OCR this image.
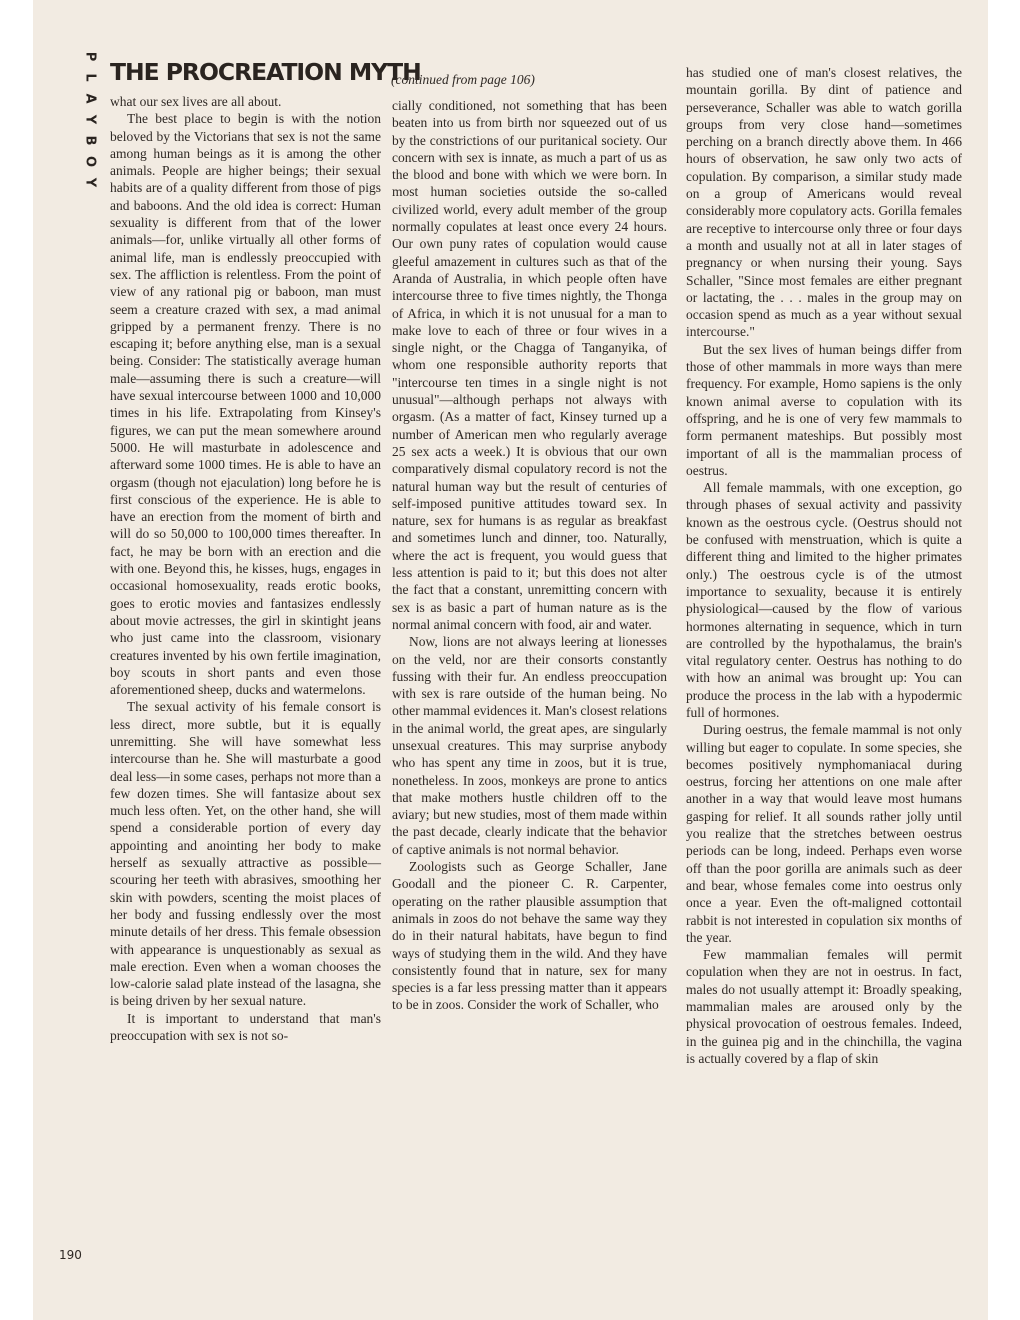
P
L
A
Y
B
O
Y
THE PROCREATION MYTH
(continued from page 106)

what our sex lives are all about.

The best place to begin is with the notion beloved by the Victorians that sex is not the same among human beings as it is among the other animals. People are higher beings; their sexual habits are of a quality different from those of pigs and baboons. And the old idea is correct: Human sexuality is different from that of the lower animals—for, unlike virtually all other forms of animal life, man is endlessly preoccupied with sex. The affliction is relentless. From the point of view of any rational pig or baboon, man must seem a creature crazed with sex, a mad animal gripped by a permanent frenzy. There is no escaping it; before anything else, man is a sexual being. Consider: The statistically average human male—assuming there is such a creature—will have sexual intercourse between 1000 and 10,000 times in his life. Extrapolating from Kinsey's figures, we can put the mean somewhere around 5000. He will masturbate in adolescence and afterward some 1000 times. He is able to have an orgasm (though not ejaculation) long before he is first conscious of the experience. He is able to have an erection from the moment of birth and will do so 50,000 to 100,000 times thereafter. In fact, he may be born with an erection and die with one. Beyond this, he kisses, hugs, engages in occasional homosexuality, reads erotic books, goes to erotic movies and fantasizes endlessly about movie actresses, the girl in skintight jeans who just came into the classroom, visionary creatures invented by his own fertile imagination, boy scouts in short pants and even those aforementioned sheep, ducks and watermelons.

The sexual activity of his female consort is less direct, more subtle, but it is equally unremitting. She will have somewhat less intercourse than he. She will masturbate a good deal less—in some cases, perhaps not more than a few dozen times. She will fantasize about sex much less often. Yet, on the other hand, she will spend a considerable portion of every day appointing and anointing her body to make herself as sexually attractive as possible—scouring her teeth with abrasives, smoothing her skin with powders, scenting the moist places of her body and fussing endlessly over the most minute details of her dress. This female obsession with appearance is unquestionably as sexual as male erection. Even when a woman chooses the low-calorie salad plate instead of the lasagna, she is being driven by her sexual nature.

It is important to understand that man's preoccupation with sex is not so-

cially conditioned, not something that has been beaten into us from birth nor squeezed out of us by the constrictions of our puritanical society. Our concern with sex is innate, as much a part of us as the blood and bone with which we were born. In most human societies outside the so-called civilized world, every adult member of the group normally copulates at least once every 24 hours. Our own puny rates of copulation would cause gleeful amazement in cultures such as that of the Aranda of Australia, in which people often have intercourse three to five times nightly, the Thonga of Africa, in which it is not unusual for a man to make love to each of three or four wives in a single night, or the Chagga of Tanganyika, of whom one responsible authority reports that "intercourse ten times in a single night is not unusual"—although perhaps not always with orgasm. (As a matter of fact, Kinsey turned up a number of American men who regularly average 25 sex acts a week.) It is obvious that our own comparatively dismal copulatory record is not the natural human way but the result of centuries of self-imposed punitive attitudes toward sex. In nature, sex for humans is as regular as breakfast and sometimes lunch and dinner, too. Naturally, where the act is frequent, you would guess that less attention is paid to it; but this does not alter the fact that a constant, unremitting concern with sex is as basic a part of human nature as is the normal animal concern with food, air and water.

Now, lions are not always leering at lionesses on the veld, nor are their consorts constantly fussing with their fur. An endless preoccupation with sex is rare outside of the human being. No other mammal evidences it. Man's closest relations in the animal world, the great apes, are singularly unsexual creatures. This may surprise anybody who has spent any time in zoos, but it is true, nonetheless. In zoos, monkeys are prone to antics that make mothers hustle children off to the aviary; but new studies, most of them made within the past decade, clearly indicate that the behavior of captive animals is not normal behavior.

Zoologists such as George Schaller, Jane Goodall and the pioneer C. R. Carpenter, operating on the rather plausible assumption that animals in zoos do not behave the same way they do in their natural habitats, have begun to find ways of studying them in the wild. And they have consistently found that in nature, sex for many species is a far less pressing matter than it appears to be in zoos. Consider the work of Schaller, who

has studied one of man's closest relatives, the mountain gorilla. By dint of patience and perseverance, Schaller was able to watch gorilla groups from very close hand—sometimes perching on a branch directly above them. In 466 hours of observation, he saw only two acts of copulation. By comparison, a similar study made on a group of Americans would reveal considerably more copulatory acts. Gorilla females are receptive to intercourse only three or four days a month and usually not at all in later stages of pregnancy or when nursing their young. Says Schaller, "Since most females are either pregnant or lactating, the . . . males in the group may on occasion spend as much as a year without sexual intercourse."

But the sex lives of human beings differ from those of other mammals in more ways than mere frequency. For example, Homo sapiens is the only known animal averse to copulation with its offspring, and he is one of very few mammals to form permanent mateships. But possibly most important of all is the mammalian process of oestrus.

All female mammals, with one exception, go through phases of sexual activity and passivity known as the oestrous cycle. (Oestrus should not be confused with menstruation, which is quite a different thing and limited to the higher primates only.) The oestrous cycle is of the utmost importance to sexuality, because it is entirely physiological—caused by the flow of various hormones alternating in sequence, which in turn are controlled by the hypothalamus, the brain's vital regulatory center. Oestrus has nothing to do with how an animal was brought up: You can produce the process in the lab with a hypodermic full of hormones.

During oestrus, the female mammal is not only willing but eager to copulate. In some species, she becomes positively nymphomaniacal during oestrus, forcing her attentions on one male after another in a way that would leave most humans gasping for relief. It all sounds rather jolly until you realize that the stretches between oestrus periods can be long, indeed. Perhaps even worse off than the poor gorilla are animals such as deer and bear, whose females come into oestrus only once a year. Even the oft-maligned cottontail rabbit is not interested in copulation six months of the year.

Few mammalian females will permit copulation when they are not in oestrus. In fact, males do not usually attempt it: Broadly speaking, mammalian males are aroused only by the physical provocation of oestrous females. Indeed, in the guinea pig and in the chinchilla, the vagina is actually covered by a flap of skin

190
